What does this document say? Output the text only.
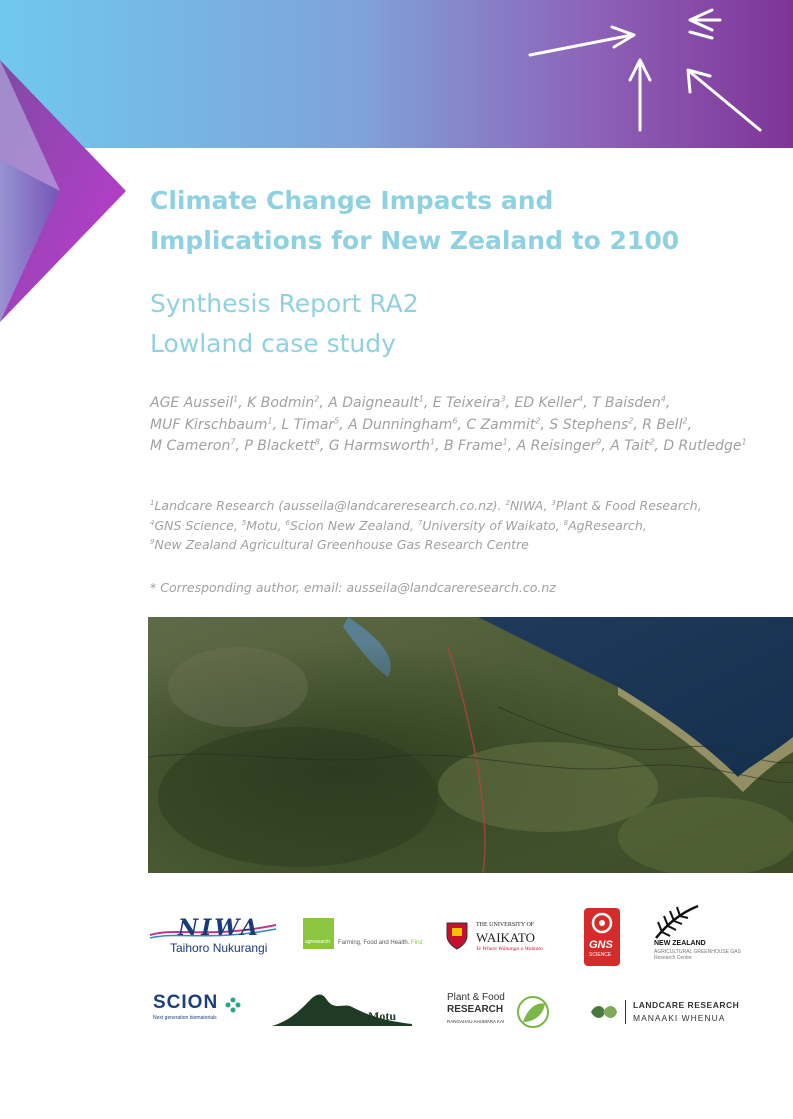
Climate Change Impacts and
Implications for New Zealand to 2100
Synthesis Report RA2
Lowland case study
AGE Ausseil$^1$, K Bodmin$^2$, A Daigneault$^1$, E Teixeira$^3$, ED Keller$^4$, T Baisden$^4$, MUF Kirschbaum$^1$, L Timar$^5$, A Dunningham$^6$, C Zammit$^2$, S Stephens$^2$, R Bell$^2$, M Cameron$^7$, P Blackett$^8$, G Harmsworth$^1$, B Frame$^1$, A Reisinger$^9$, A Tait$^2$, D Rutledge$^1$
$^1$Landcare Research (ausseila@landcareresearch.co.nz). $^2$NIWA, $^3$Plant & Food Research,
$^4$GNS Science, $^5$Motu, $^6$Scion New Zealand, $^7$University of Waikato, $^8$AgResearch,
$^9$New Zealand Agricultural Greenhouse Gas Research Centre
* Corresponding author, email: ausseila@landcareresearch.co.nz
NIWA
Taihoro Nukurangi	agresearch Farming, Food and Health. First
THE UNIVERSITY OF
WAIKATO
Te Whare Wānanga o Waikato	GNS
SCIENCE
NEW ZEALAND
AGRICULTURAL GREENHOUSE GAS
Research Centre
SCION
Next generation biomaterials	Motu
Plant & Food
RESEARCH
RANGAHAU AHUMĀRA KAI
LANDCARE RESEARCH
MANAAKI WHENUA
